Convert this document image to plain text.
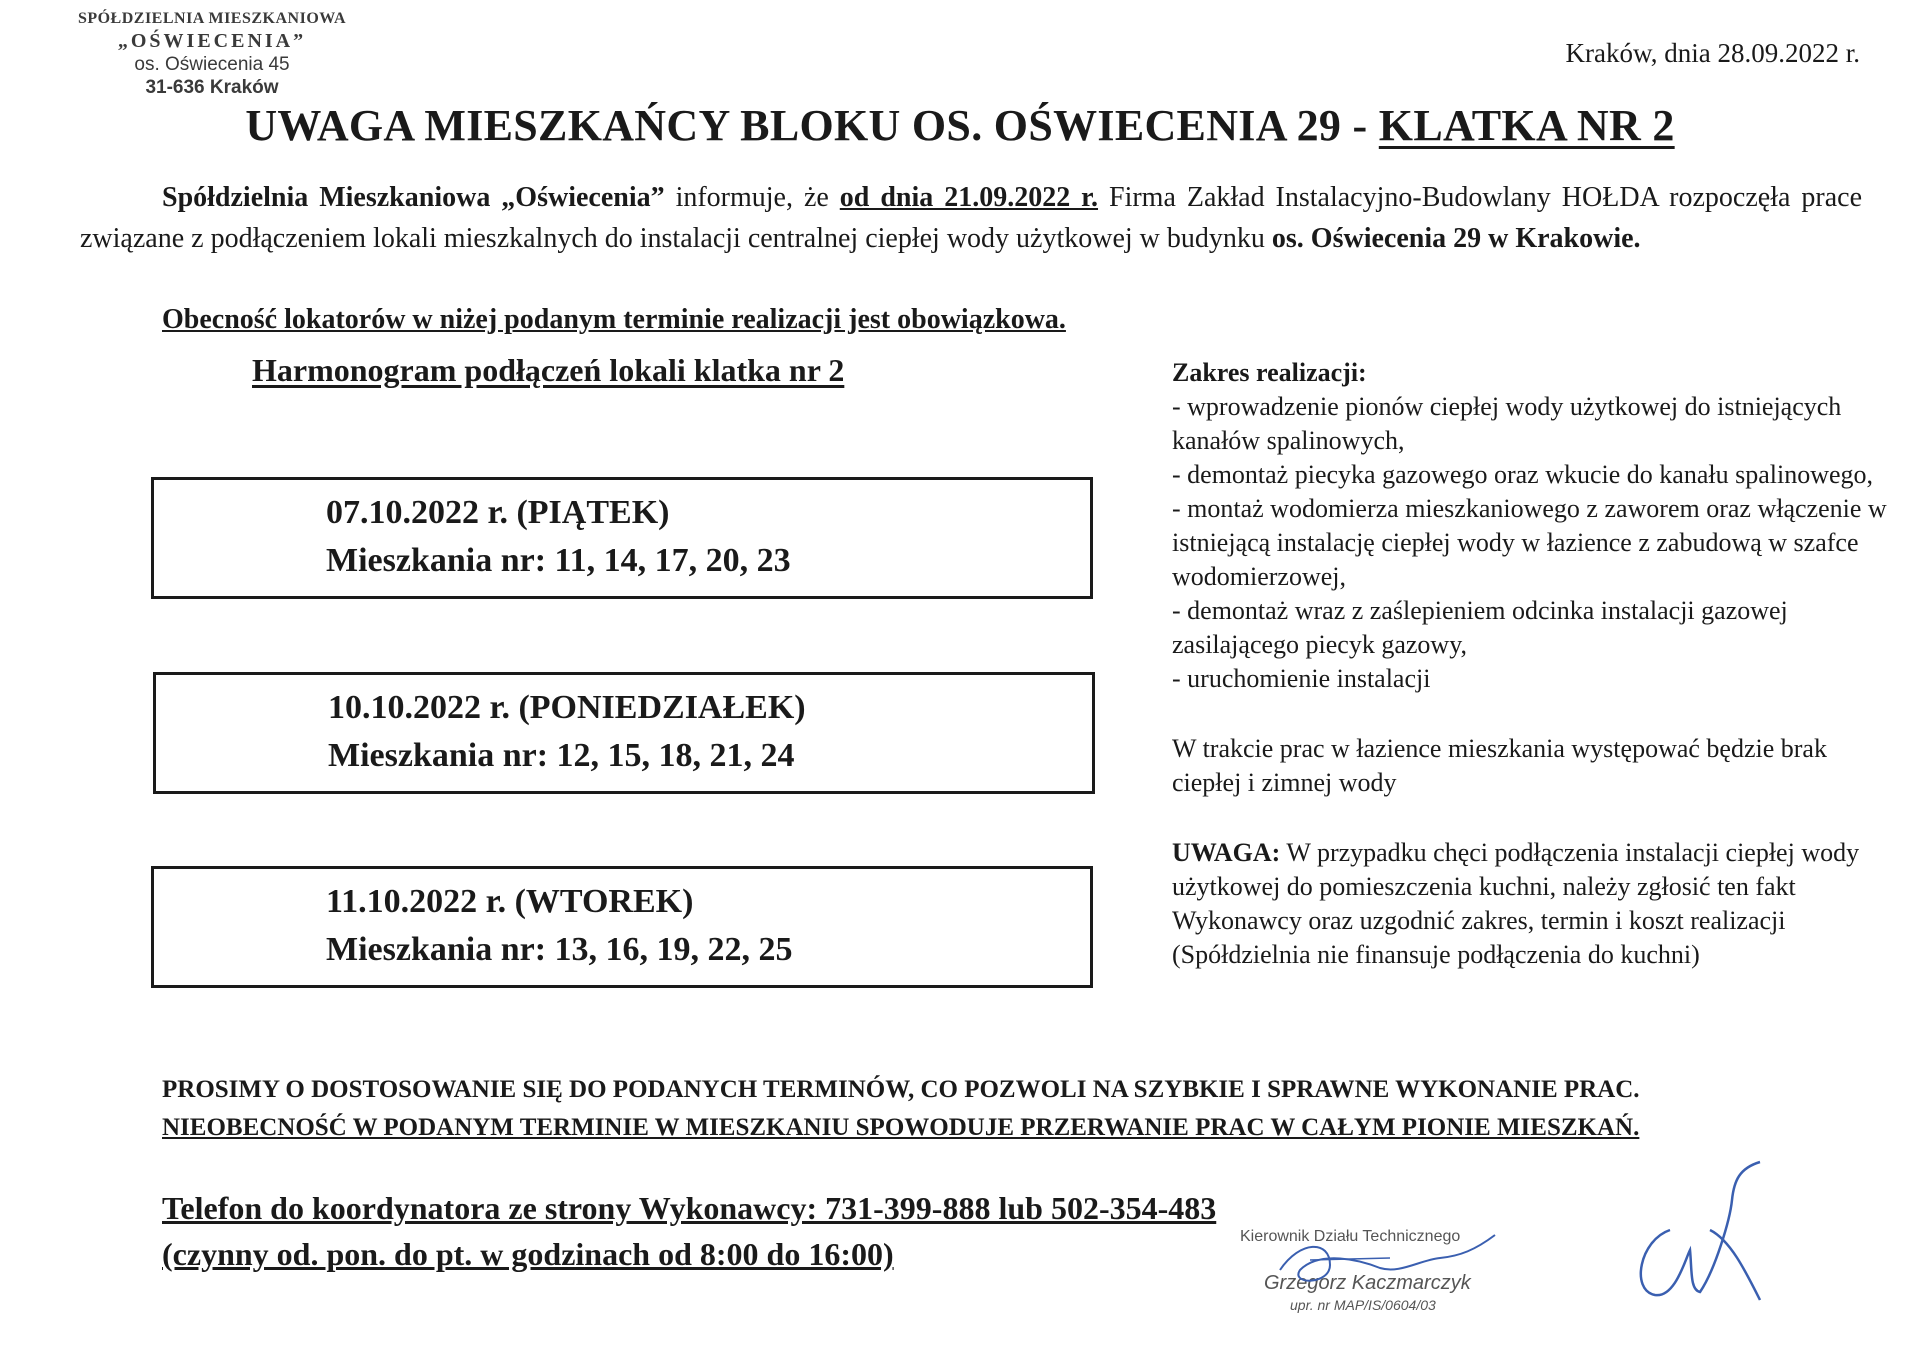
SPÓŁDZIELNIA MIESZKANIOWA
„OŚWIECENIA”
os. Oświecenia 45
31-636 Kraków
Kraków, dnia 28.09.2022 r.
UWAGA MIESZKAŃCY BLOKU OS. OŚWIECENIA 29 - KLATKA NR 2
Spółdzielnia Mieszkaniowa „Oświecenia” informuje, że od dnia 21.09.2022 r. Firma Zakład Instalacyjno-Budowlany HOŁDA rozpoczęła prace związane z podłączeniem lokali mieszkalnych do instalacji centralnej ciepłej wody użytkowej w budynku os. Oświecenia 29 w Krakowie.
Obecność lokatorów w niżej podanym terminie realizacji jest obowiązkowa.
Harmonogram podłączeń lokali klatka nr 2
07.10.2022 r. (PIĄTEK)
Mieszkania nr: 11, 14, 17, 20, 23
10.10.2022 r. (PONIEDZIAŁEK)
Mieszkania nr: 12, 15, 18, 21, 24
11.10.2022 r. (WTOREK)
Mieszkania nr: 13, 16, 19, 22, 25

Zakres realizacji:

- wprowadzenie pionów ciepłej wody użytkowej do istniejących kanałów spalinowych,

- demontaż piecyka gazowego oraz wkucie do kanału spalinowego,

- montaż wodomierza mieszkaniowego z zaworem oraz włączenie w istniejącą instalację ciepłej wody w łazience z zabudową w szafce wodomierzowej,

- demontaż wraz z zaślepieniem odcinka instalacji gazowej zasilającego piecyk gazowy,

- uruchomienie instalacji

W trakcie prac w łazience mieszkania występować będzie brak ciepłej i zimnej wody

UWAGA: W przypadku chęci podłączenia instalacji ciepłej wody użytkowej do pomieszczenia kuchni, należy zgłosić ten fakt Wykonawcy oraz uzgodnić zakres, termin i koszt realizacji (Spółdzielnia nie finansuje podłączenia do kuchni)

PROSIMY O DOSTOSOWANIE SIĘ DO PODANYCH TERMINÓW, CO POZWOLI NA SZYBKIE I SPRAWNE WYKONANIE PRAC.
NIEOBECNOŚĆ W PODANYM TERMINIE W MIESZKANIU SPOWODUJE PRZERWANIE PRAC W CAŁYM PIONIE MIESZKAŃ.
Telefon do koordynatora ze strony Wykonawcy: 731-399-888 lub 502-354-483
(czynny od. pon. do pt. w godzinach od 8:00 do 16:00)	Kierownik Działu Technicznego
Grzegorz Kaczmarczyk
upr. nr MAP/IS/0604/03
